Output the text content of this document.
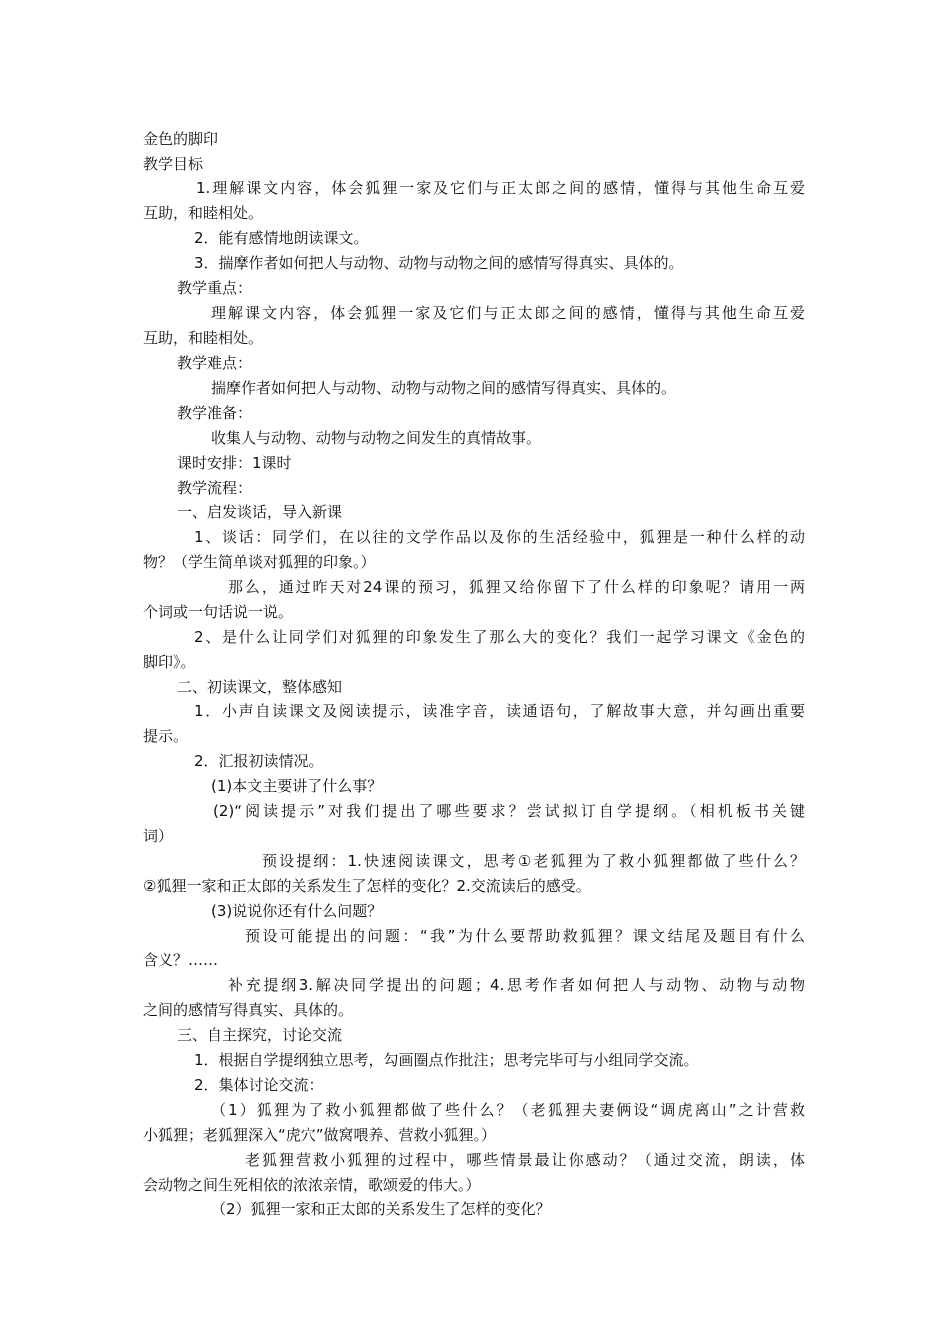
金色的脚印
教学目标
1.理解课文内容，体会狐狸一家及它们与正太郎之间的感情，懂得与其他生命互爱
互助，和睦相处。
2．能有感情地朗读课文。
3．揣摩作者如何把人与动物、动物与动物之间的感情写得真实、具体的。
教学重点：
理解课文内容，体会狐狸一家及它们与正太郎之间的感情，懂得与其他生命互爱
互助，和睦相处。
教学难点：
揣摩作者如何把人与动物、动物与动物之间的感情写得真实、具体的。
教学准备：
收集人与动物、动物与动物之间发生的真情故事。
课时安排：1课时
教学流程：
一、启发谈话，导入新课
1、谈话：同学们，在以往的文学作品以及你的生活经验中，狐狸是一种什么样的动
物？（学生简单谈对狐狸的印象。）
那么，通过昨天对24课的预习，狐狸又给你留下了什么样的印象呢？请用一两
个词或一句话说一说。
2、是什么让同学们对狐狸的印象发生了那么大的变化？我们一起学习课文《金色的
脚印》。
二、初读课文，整体感知
1．小声自读课文及阅读提示，读准字音，读通语句，了解故事大意，并勾画出重要
提示。
2．汇报初读情况。
(1)本文主要讲了什么事？
(2)“阅读提示”对我们提出了哪些要求？尝试拟订自学提纲。（相机板书关键
词）
预设提纲：1.快速阅读课文，思考①老狐狸为了救小狐狸都做了些什么？
②狐狸一家和正太郎的关系发生了怎样的变化？2.交流读后的感受。
(3)说说你还有什么问题？
预设可能提出的问题：“我”为什么要帮助救狐狸？课文结尾及题目有什么
含义？……
补充提纲3.解决同学提出的问题；4.思考作者如何把人与动物、动物与动物
之间的感情写得真实、具体的。
三、自主探究，讨论交流
1．根据自学提纲独立思考，勾画圈点作批注；思考完毕可与小组同学交流。
2．集体讨论交流：
（1）狐狸为了救小狐狸都做了些什么？（老狐狸夫妻俩设“调虎离山”之计营救
小狐狸；老狐狸深入“虎穴”做窝喂养、营救小狐狸。）
老狐狸营救小狐狸的过程中，哪些情景最让你感动？（通过交流，朗读，体
会动物之间生死相依的浓浓亲情，歌颂爱的伟大。）
（2）狐狸一家和正太郎的关系发生了怎样的变化？
